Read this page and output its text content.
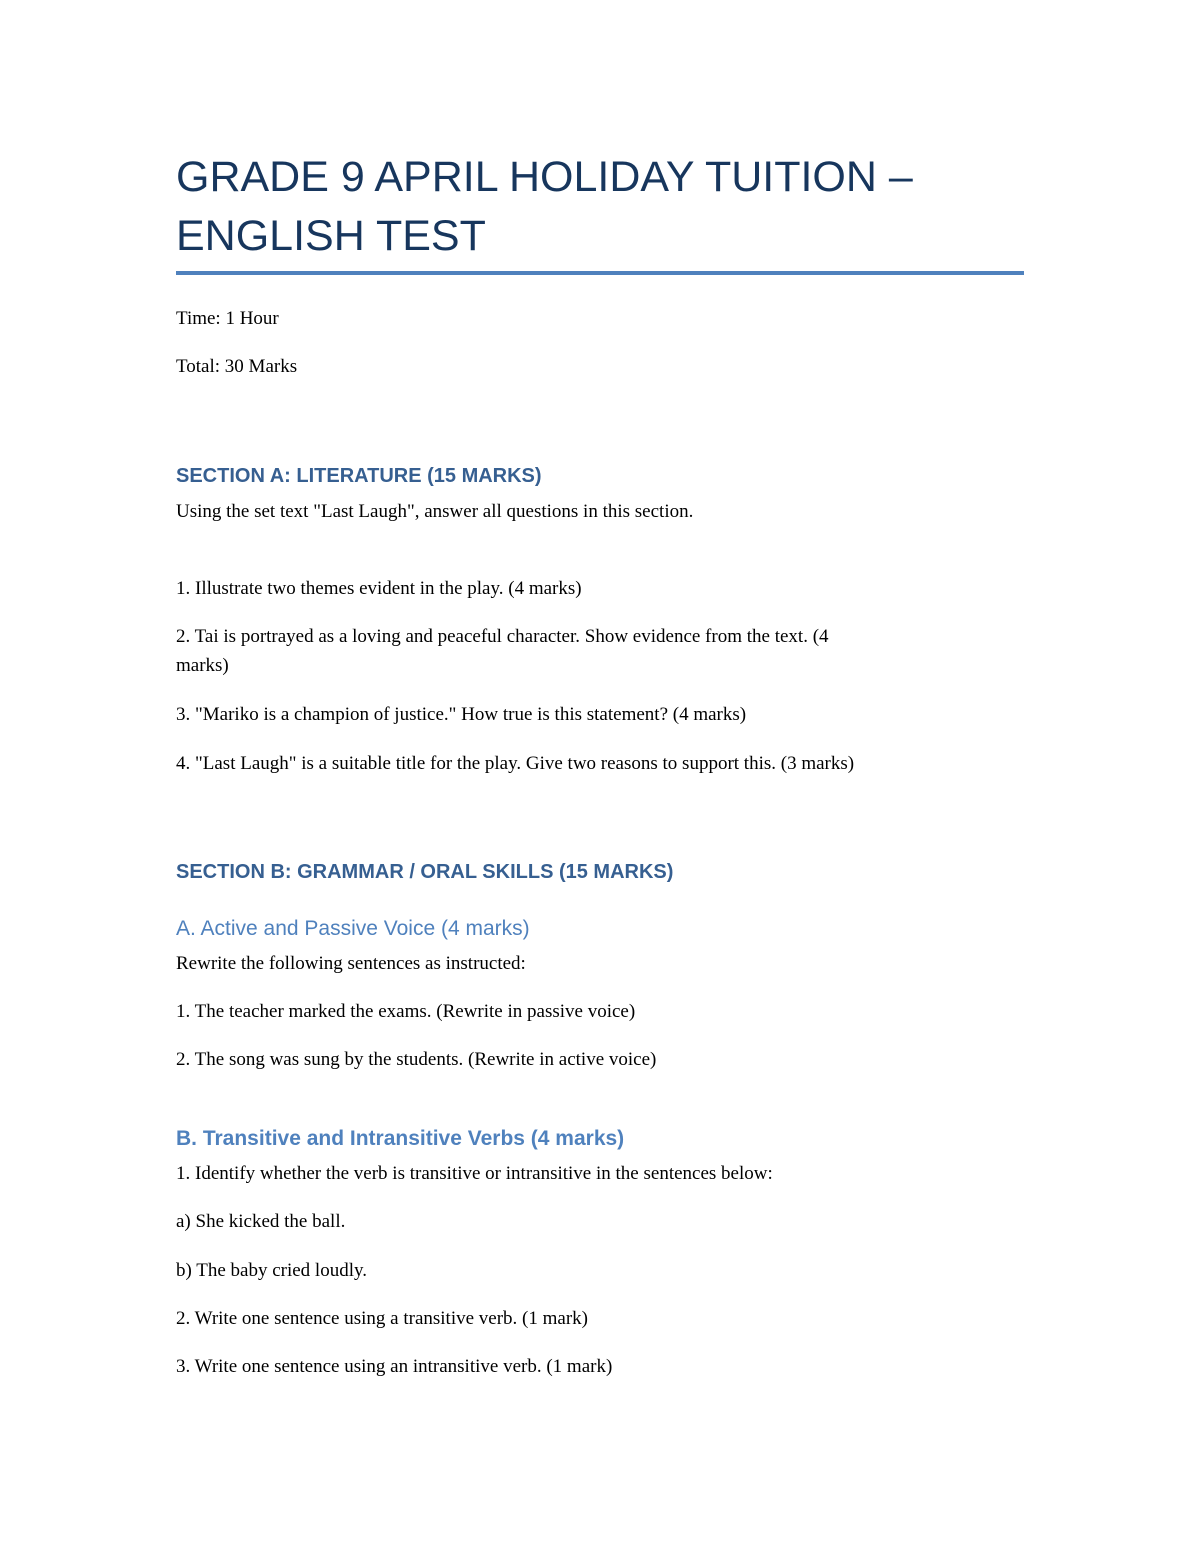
GRADE 9 APRIL HOLIDAY TUITION –
ENGLISH TEST
Time: 1 Hour
Total: 30 Marks
SECTION A: LITERATURE (15 MARKS)
Using the set text "Last Laugh", answer all questions in this section.
1. Illustrate two themes evident in the play. (4 marks)
2. Tai is portrayed as a loving and peaceful character. Show evidence from the text. (4
marks)
3. "Mariko is a champion of justice." How true is this statement? (4 marks)
4. "Last Laugh" is a suitable title for the play. Give two reasons to support this. (3 marks)
SECTION B: GRAMMAR / ORAL SKILLS (15 MARKS)
A. Active and Passive Voice (4 marks)
Rewrite the following sentences as instructed:
1. The teacher marked the exams. (Rewrite in passive voice)
2. The song was sung by the students. (Rewrite in active voice)
B. Transitive and Intransitive Verbs (4 marks)
1. Identify whether the verb is transitive or intransitive in the sentences below:
a) She kicked the ball.
b) The baby cried loudly.
2. Write one sentence using a transitive verb. (1 mark)
3. Write one sentence using an intransitive verb. (1 mark)
